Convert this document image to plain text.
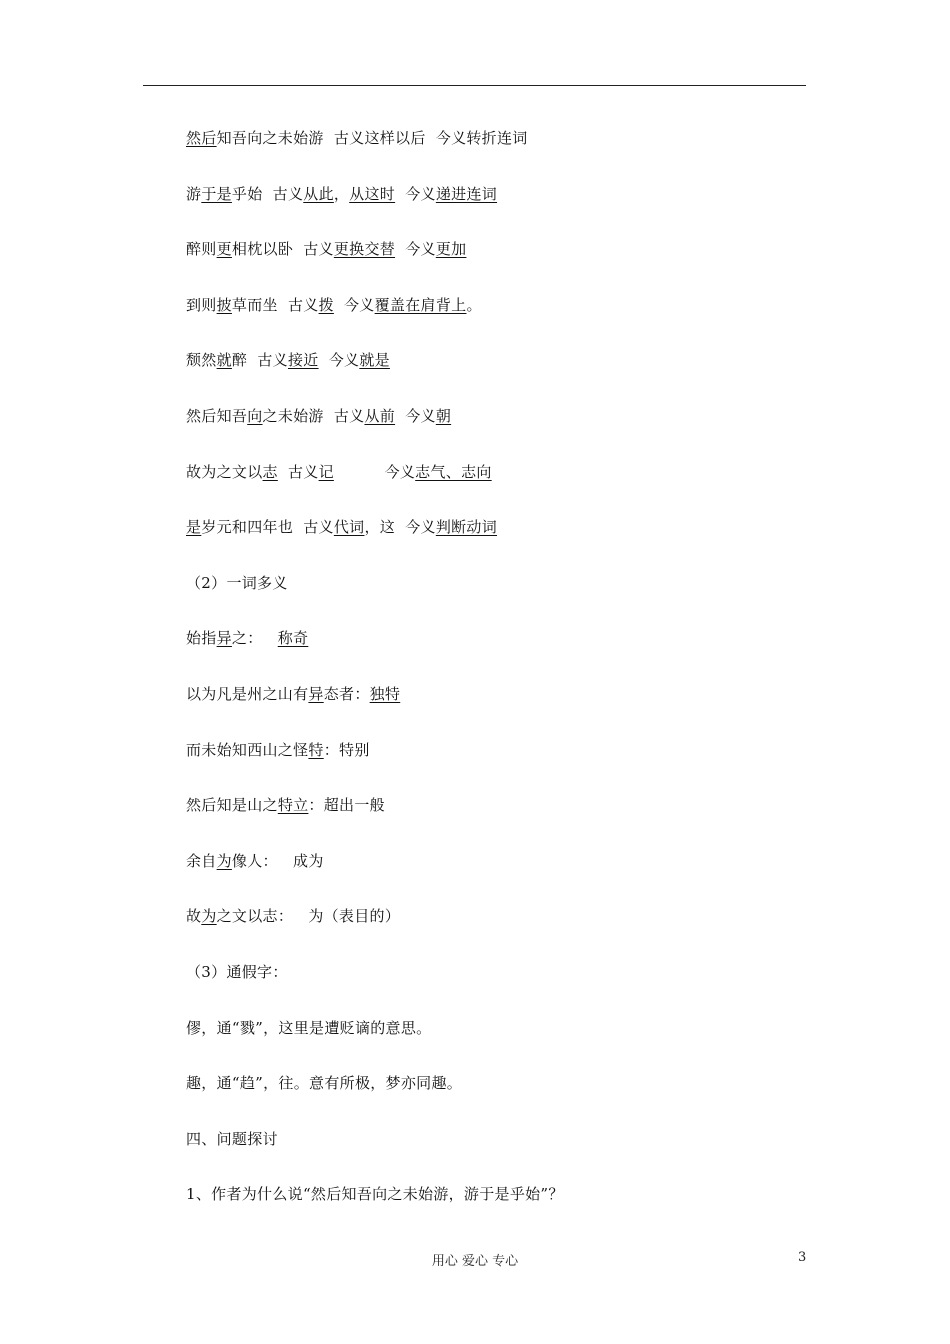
然后知吾向之未始游  古义这样以后  今义转折连词
游于是乎始  古义从此，从这时  今义递进连词
醉则更相枕以卧  古义更换交替  今义更加
到则披草而坐  古义拨  今义覆盖在肩背上。
颓然就醉  古义接近  今义就是
然后知吾向之未始游  古义从前  今义朝
故为之文以志  古义记          今义志气、志向
是岁元和四年也  古义代词，这  今义判断动词
（2）一词多义
始指异之：   称奇
以为凡是州之山有异态者：独特
而未始知西山之怪特：特别
然后知是山之特立：超出一般
余自为像人：   成为
故为之文以志：   为（表目的）
（3）通假字：
僇，通“戮”，这里是遭贬谪的意思。
趣，通“趋”，往。意有所极，梦亦同趣。
四、问题探讨
1、作者为什么说“然后知吾向之未始游，游于是乎始”？
用心 爱心 专心	3
